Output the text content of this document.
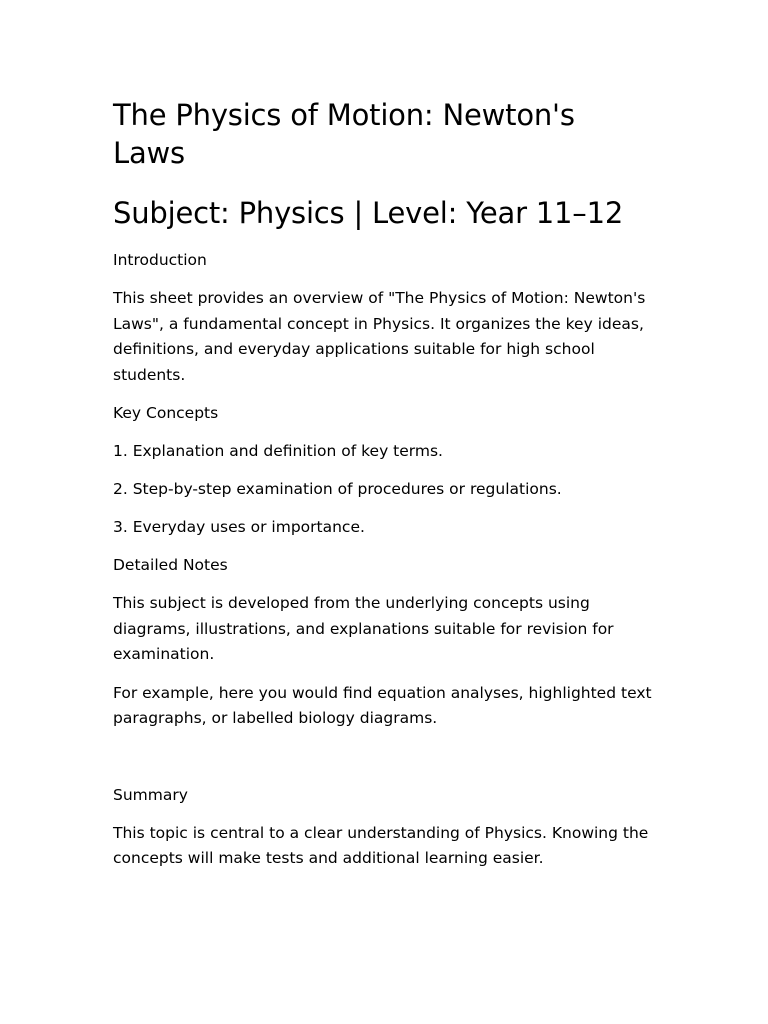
The Physics of Motion: Newton's Laws
Subject: Physics | Level: Year 11–12
Introduction

This sheet provides an overview of "The Physics of Motion: Newton's Laws", a fundamental concept in Physics. It organizes the key ideas, definitions, and everyday applications suitable for high school students.

Key Concepts
1. Explanation and definition of key terms.
2. Step-by-step examination of procedures or regulations.
3. Everyday uses or importance.
Detailed Notes

This subject is developed from the underlying concepts using diagrams, illustrations, and explanations suitable for revision for examination.

For example, here you would find equation analyses, highlighted text paragraphs, or labelled biology diagrams.

Summary

This topic is central to a clear understanding of Physics. Knowing the concepts will make tests and additional learning easier.
